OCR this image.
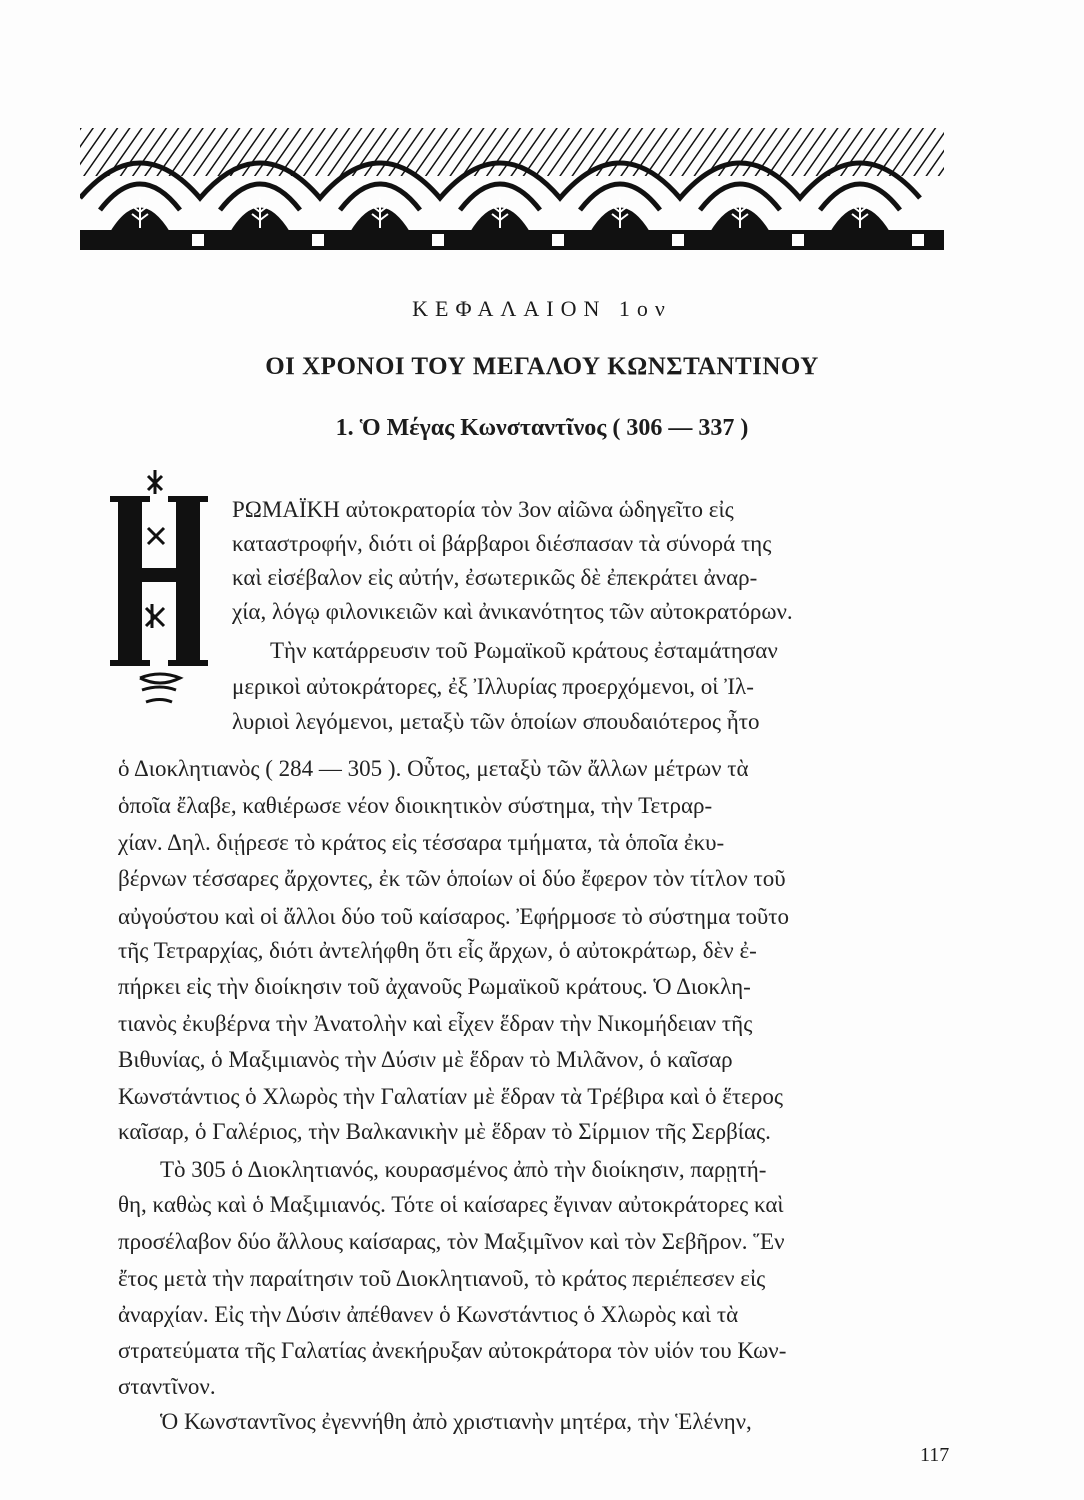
ΚΕΦΑΛΑΙΟΝ 1ον
ΟΙ ΧΡΟΝΟΙ ΤΟΥ ΜΕΓΑΛΟΥ ΚΩΝΣΤΑΝΤΙΝΟΥ
1. Ὁ Μέγας Κωνσταντῖνος ( 306 — 337 )
Η
ΡΩΜΑΪΚΗ αὐτοκρατορία τὸν 3ον αἰῶνα ὡδηγεῖτο εἰς
καταστροφήν, διότι οἱ βάρβαροι διέσπασαν τὰ σύνορά της
καὶ εἰσέβαλον εἰς αὐτήν, ἐσωτερικῶς δὲ ἐπεκράτει ἀναρ-
χία, λόγῳ φιλονικειῶν καὶ ἀνικανότητος τῶν αὐτοκρατόρων.
Τὴν κατάρρευσιν τοῦ Ρωμαϊκοῦ κράτους ἐσταμάτησαν
μερικοὶ αὐτοκράτορες, ἐξ Ἰλλυρίας προερχόμενοι, οἱ Ἰλ-
λυριοὶ λεγόμενοι, μεταξὺ τῶν ὁποίων σπουδαιότερος ἦτο
ὁ Διοκλητιανὸς ( 284 — 305 ). Οὗτος, μεταξὺ τῶν ἄλλων μέτρων τὰ
ὁποῖα ἔλαβε, καθιέρωσε νέον διοικητικὸν σύστημα, τὴν Τετραρ-
χίαν. Δηλ. διῄρεσε τὸ κράτος εἰς τέσσαρα τμήματα, τὰ ὁποῖα ἐκυ-
βέρνων τέσσαρες ἄρχοντες, ἐκ τῶν ὁποίων οἱ δύο ἔφερον τὸν τίτλον τοῦ
αὐγούστου καὶ οἱ ἄλλοι δύο τοῦ καίσαρος. Ἐφήρμοσε τὸ σύστημα τοῦτο
τῆς Τετραρχίας, διότι ἀντελήφθη ὅτι εἷς ἄρχων, ὁ αὐτοκράτωρ, δὲν ἐ-
πήρκει εἰς τὴν διοίκησιν τοῦ ἀχανοῦς Ρωμαϊκοῦ κράτους. Ὁ Διοκλη-
τιανὸς ἐκυβέρνα τὴν Ἀνατολὴν καὶ εἶχεν ἕδραν τὴν Νικομήδειαν τῆς
Βιθυνίας, ὁ Μαξιμιανὸς τὴν Δύσιν μὲ ἕδραν τὸ Μιλᾶνον, ὁ καῖσαρ
Κωνστάντιος ὁ Χλωρὸς τὴν Γαλατίαν μὲ ἕδραν τὰ Τρέβιρα καὶ ὁ ἕτερος
καῖσαρ, ὁ Γαλέριος, τὴν Βαλκανικὴν μὲ ἕδραν τὸ Σίρμιον τῆς Σερβίας.
Τὸ 305 ὁ Διοκλητιανός, κουρασμένος ἀπὸ τὴν διοίκησιν, παρῃτή-
θη, καθὼς καὶ ὁ Μαξιμιανός. Τότε οἱ καίσαρες ἔγιναν αὐτοκράτορες καὶ
προσέλαβον δύο ἄλλους καίσαρας, τὸν Μαξιμῖνον καὶ τὸν Σεβῆρον. Ἕν
ἔτος μετὰ τὴν παραίτησιν τοῦ Διοκλητιανοῦ, τὸ κράτος περιέπεσεν εἰς
ἀναρχίαν. Εἰς τὴν Δύσιν ἀπέθανεν ὁ Κωνστάντιος ὁ Χλωρὸς καὶ τὰ
στρατεύματα τῆς Γαλατίας ἀνεκήρυξαν αὐτοκράτορα τὸν υἱόν του Κων-
σταντῖνον.
Ὁ Κωνσταντῖνος ἐγεννήθη ἀπὸ χριστιανὴν μητέρα, τὴν Ἑλένην,
117
